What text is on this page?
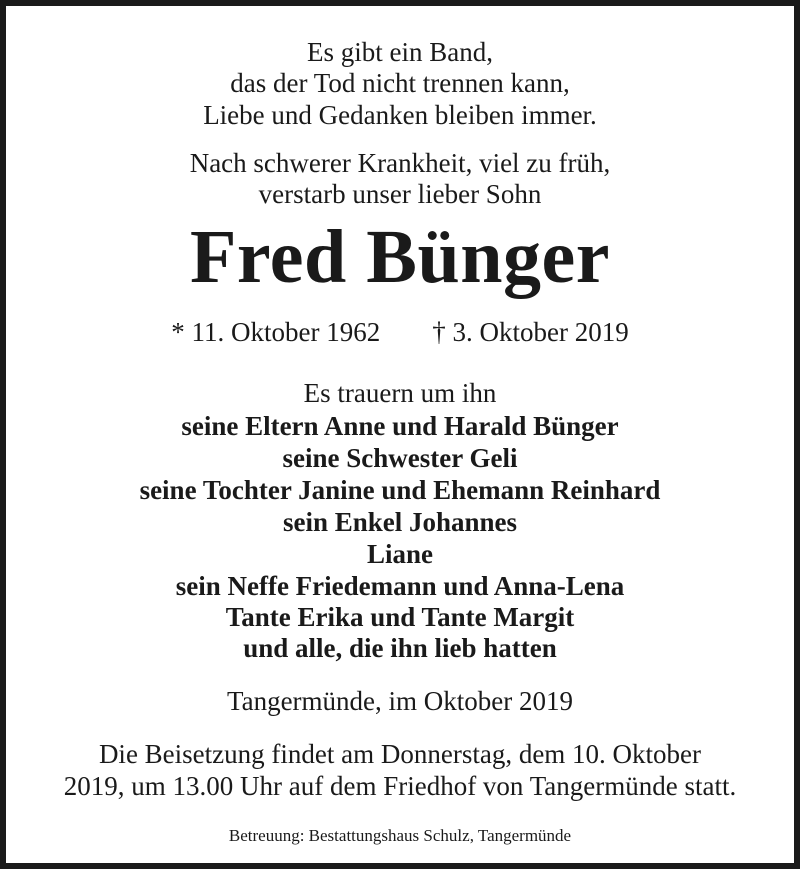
Es gibt ein Band,
das der Tod nicht trennen kann,
Liebe und Gedanken bleiben immer.
Nach schwerer Krankheit, viel zu früh,
verstarb unser lieber Sohn
Fred Bünger
* 11. Oktober 1962 † 3. Oktober 2019
Es trauern um ihn
seine Eltern Anne und Harald Bünger
seine Schwester Geli
seine Tochter Janine und Ehemann Reinhard
sein Enkel Johannes
Liane
sein Neffe Friedemann und Anna-Lena
Tante Erika und Tante Margit
und alle, die ihn lieb hatten
Tangermünde, im Oktober 2019
Die Beisetzung findet am Donnerstag, dem 10. Oktober
2019, um 13.00 Uhr auf dem Friedhof von Tangermünde statt.
Betreuung: Bestattungshaus Schulz, Tangermünde
